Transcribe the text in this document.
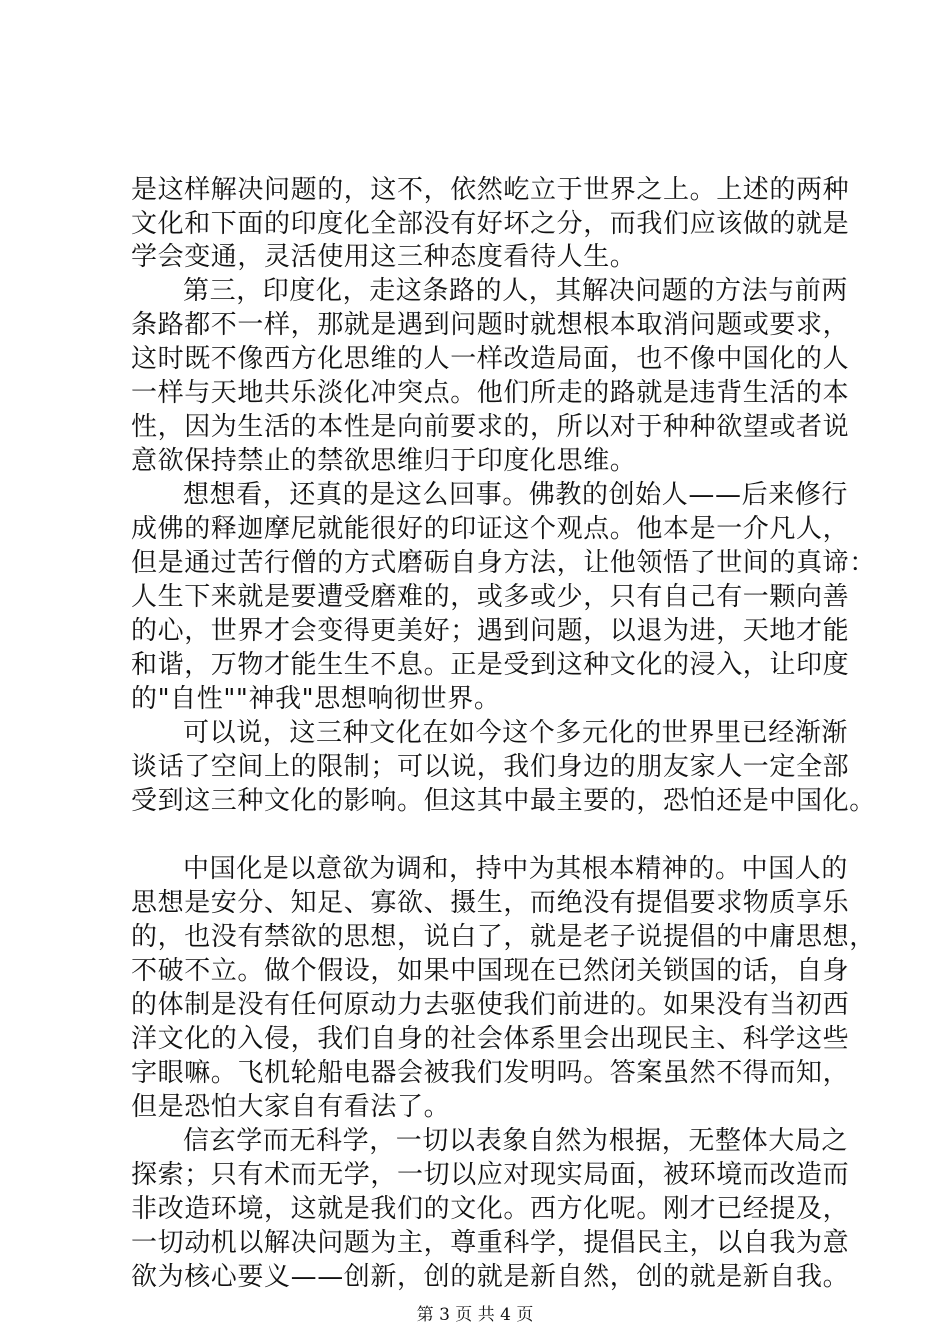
是这样解决问题的，这不，依然屹立于世界之上。上述的两种
文化和下面的印度化全部没有好坏之分，而我们应该做的就是
学会变通，灵活使用这三种态度看待人生。
第三，印度化，走这条路的人，其解决问题的方法与前两
条路都不一样，那就是遇到问题时就想根本取消问题或要求，
这时既不像西方化思维的人一样改造局面，也不像中国化的人
一样与天地共乐淡化冲突点。他们所走的路就是违背生活的本
性，因为生活的本性是向前要求的，所以对于种种欲望或者说
意欲保持禁止的禁欲思维归于印度化思维。
想想看，还真的是这么回事。佛教的创始人——后来修行
成佛的释迦摩尼就能很好的印证这个观点。他本是一介凡人，
但是通过苦行僧的方式磨砺自身方法，让他领悟了世间的真谛：
人生下来就是要遭受磨难的，或多或少，只有自己有一颗向善
的心，世界才会变得更美好；遇到问题，以退为进，天地才能
和谐，万物才能生生不息。正是受到这种文化的浸入，让印度
的"自性""神我"思想响彻世界。
可以说，这三种文化在如今这个多元化的世界里已经渐渐
谈话了空间上的限制；可以说，我们身边的朋友家人一定全部
受到这三种文化的影响。但这其中最主要的，恐怕还是中国化。
中国化是以意欲为调和，持中为其根本精神的。中国人的
思想是安分、知足、寡欲、摄生，而绝没有提倡要求物质享乐
的，也没有禁欲的思想，说白了，就是老子说提倡的中庸思想，
不破不立。做个假设，如果中国现在已然闭关锁国的话，自身
的体制是没有任何原动力去驱使我们前进的。如果没有当初西
洋文化的入侵，我们自身的社会体系里会出现民主、科学这些
字眼嘛。飞机轮船电器会被我们发明吗。答案虽然不得而知，
但是恐怕大家自有看法了。
信玄学而无科学，一切以表象自然为根据，无整体大局之
探索；只有术而无学，一切以应对现实局面，被环境而改造而
非改造环境，这就是我们的文化。西方化呢。刚才已经提及，
一切动机以解决问题为主，尊重科学，提倡民主，以自我为意
欲为核心要义——创新，创的就是新自然，创的就是新自我。
第 3 页 共 4 页
